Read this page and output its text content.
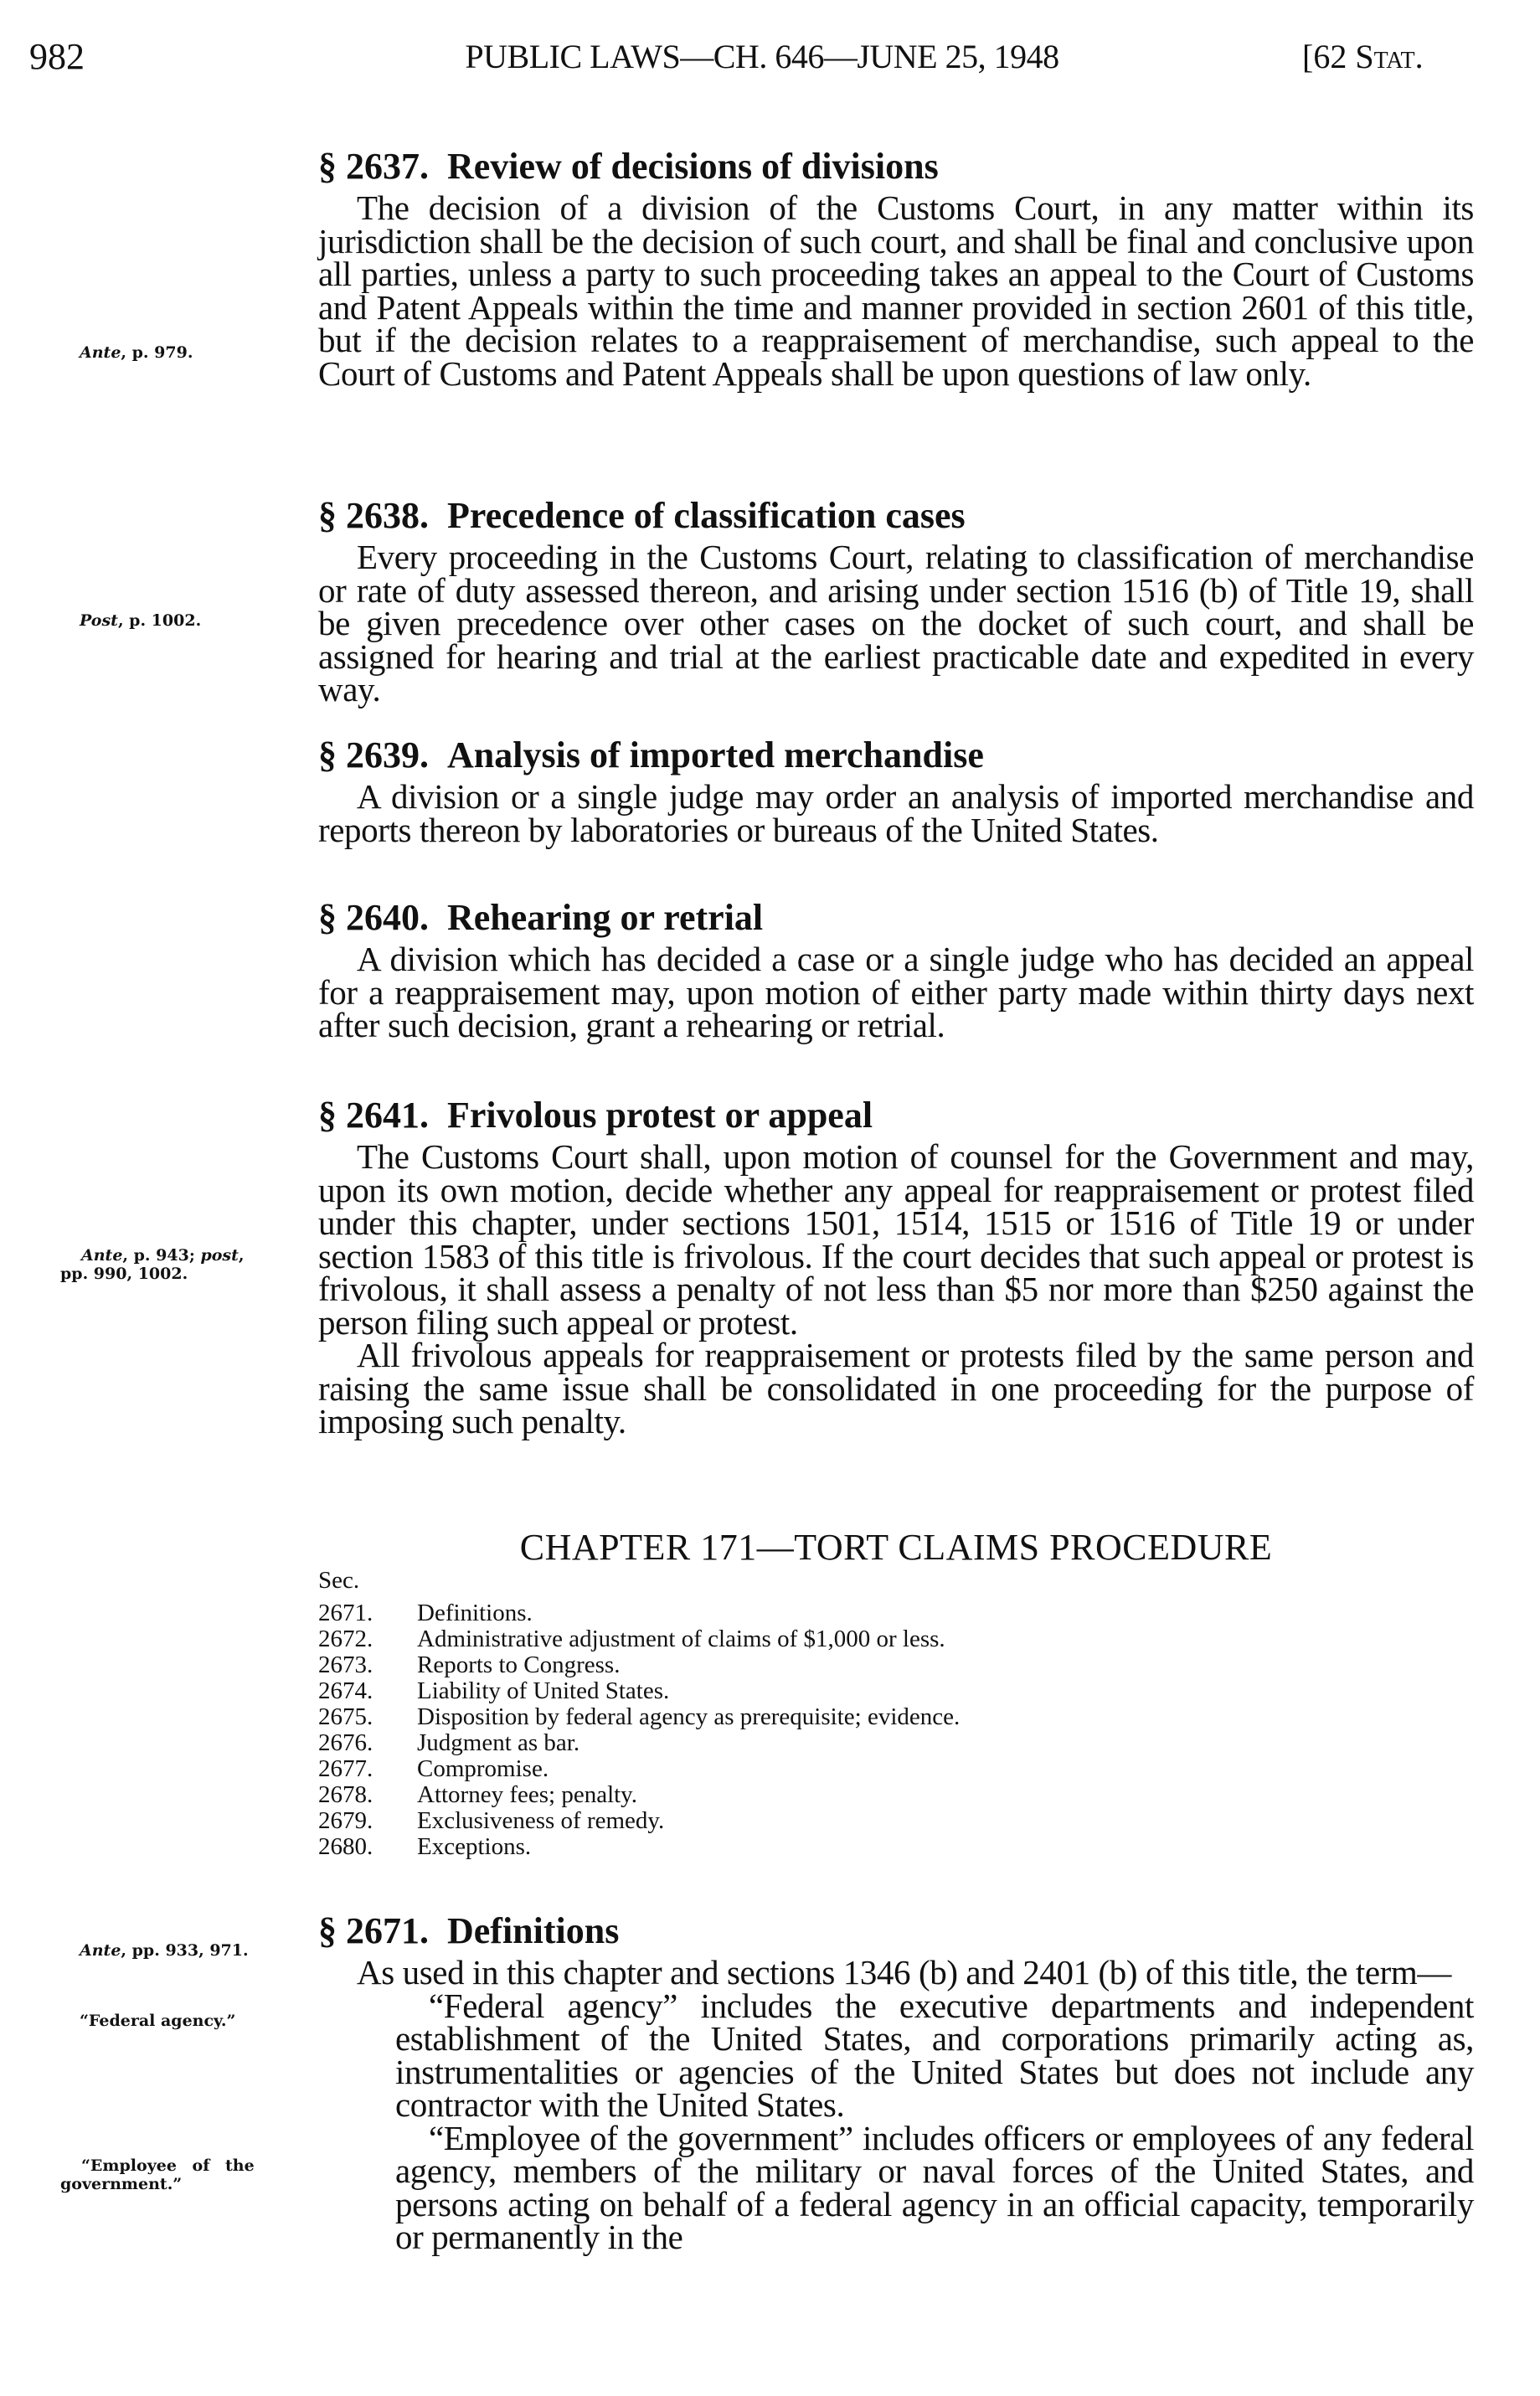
982	PUBLIC LAWS—CH. 646—JUNE 25, 1948	[62 Stat.
Ante, p. 979.
Post, p. 1002.
Ante, p. 943; post,
pp. 990, 1002.
Ante, pp. 933, 971.
“Federal agency.”
“Employee of the
government.”
§ 2637. Review of decisions of divisions

The decision of a division of the Customs Court, in any matter within its jurisdiction shall be the decision of such court, and shall be final and conclusive upon all parties, unless a party to such proceeding takes an appeal to the Court of Customs and Patent Appeals within the time and manner provided in section 2601 of this title, but if the decision relates to a reappraisement of merchandise, such appeal to the Court of Customs and Patent Appeals shall be upon questions of law only.

§ 2638. Precedence of classification cases

Every proceeding in the Customs Court, relating to classification of merchandise or rate of duty assessed thereon, and arising under section 1516 (b) of Title 19, shall be given precedence over other cases on the docket of such court, and shall be assigned for hearing and trial at the earliest practicable date and expedited in every way.

§ 2639. Analysis of imported merchandise

A division or a single judge may order an analysis of imported merchandise and reports thereon by laboratories or bureaus of the United States.

§ 2640. Rehearing or retrial

A division which has decided a case or a single judge who has decided an appeal for a reappraisement may, upon motion of either party made within thirty days next after such decision, grant a rehearing or retrial.

§ 2641. Frivolous protest or appeal

The Customs Court shall, upon motion of counsel for the Government and may, upon its own motion, decide whether any appeal for reappraisement or protest filed under this chapter, under sections 1501, 1514, 1515 or 1516 of Title 19 or under section 1583 of this title is frivolous. If the court decides that such appeal or protest is frivolous, it shall assess a penalty of not less than $5 nor more than $250 against the person filing such appeal or protest.

All frivolous appeals for reappraisement or protests filed by the same person and raising the same issue shall be consolidated in one proceeding for the purpose of imposing such penalty.

CHAPTER 171—TORT CLAIMS PROCEDURE
Sec.
2671.	Definitions.
2672.	Administrative adjustment of claims of $1,000 or less.
2673.	Reports to Congress.
2674.	Liability of United States.
2675.	Disposition by federal agency as prerequisite; evidence.
2676.	Judgment as bar.
2677.	Compromise.
2678.	Attorney fees; penalty.
2679.	Exclusiveness of remedy.
2680.	Exceptions.
§ 2671. Definitions

As used in this chapter and sections 1346 (b) and 2401 (b) of this title, the term—

“Federal agency” includes the executive departments and independent establishment of the United States, and corporations primarily acting as, instrumentalities or agencies of the United States but does not include any contractor with the United States.

“Employee of the government” includes officers or employees of any federal agency, members of the military or naval forces of the United States, and persons acting on behalf of a federal agency in an official capacity, temporarily or permanently in the
